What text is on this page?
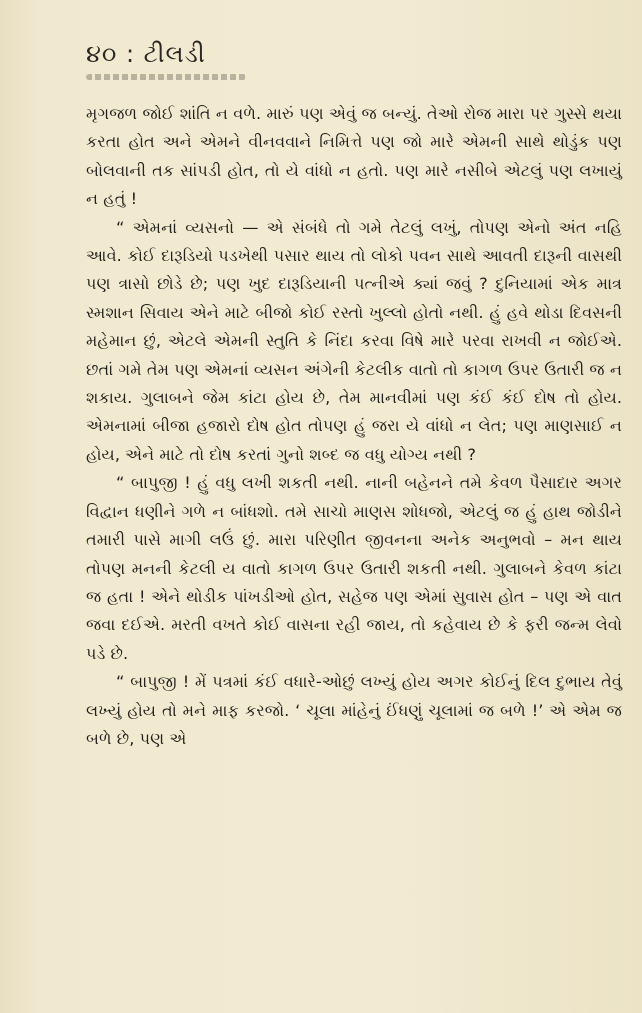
૪૦ : ટીલડી

મૃગજળ જોઈ શાંતિ ન વળે. મારું પણ એવું જ બન્યું. તેઓ રોજ મારા પર ગુસ્સે થયા કરતા હોત અને એમને વીનવવાને નિમિત્તે પણ જો મારે એમની સાથે થોડુંક પણ બોલવાની તક સાંપડી હોત, તો યે વાંધો ન હતો. પણ મારે નસીબે એટલું પણ લખાયું ન હતું !

“ એમનાં વ્યસનો — એ સંબંધે તો ગમે તેટલું લખું, તોપણ એનો અંત નહિ આવે. કોઈ દારૂડિયો પડખેથી પસાર થાય તો લોકો પવન સાથે આવતી દારૂની વાસથી પણ ત્રાસો છોડે છે; પણ ખુદ દારૂડિયાની પત્નીએ ક્યાં જવું ? દુનિયામાં એક માત્ર સ્મશાન સિવાય એને માટે બીજો કોઈ રસ્તો ખુલ્લો હોતો નથી. હું હવે થોડા દિવસની મહેમાન છું, એટલે એમની સ્તુતિ કે નિંદા કરવા વિષે મારે પરવા રાખવી ન જોઈએ. છતાં ગમે તેમ પણ એમનાં વ્યસન અંગેની કેટલીક વાતો તો કાગળ ઉપર ઉતારી જ ન શકાય. ગુલાબને જેમ કાંટા હોય છે, તેમ માનવીમાં પણ કંઈ કંઈ દોષ તો હોય. એમનામાં બીજા હજારો દોષ હોત તોપણ હું જરા યે વાંધો ન લેત; પણ માણસાઈ ન હોય, એને માટે તો દોષ કરતાં ગુનો શબ્દ જ વધુ યોગ્ય નથી ?

“ બાપુજી ! હું વધુ લખી શકતી નથી. નાની બહેનને તમે કેવળ પૈસાદાર અગર વિદ્વાન ધણીને ગળે ન બાંધશો. તમે સાચો માણસ શોધજો, એટલું જ હું હાથ જોડીને તમારી પાસે માગી લઉં છું. મારા પરિણીત જીવનના અનેક અનુભવો – મન થાય તોપણ મનની કેટલી ય વાતો કાગળ ઉપર ઉતારી શકતી નથી. ગુલાબને કેવળ કાંટા જ હતા ! એને થોડીક પાંખડીઓ હોત, સહેજ પણ એમાં સુવાસ હોત – પણ એ વાત જવા દઈએ. મરતી વખતે કોઈ વાસના રહી જાય, તો કહેવાય છે કે ફરી જન્મ લેવો પડે છે.

“ બાપુજી ! મેં પત્રમાં કંઈ વધારે-ઓછું લખ્યું હોય અગર કોઈનું દિલ દુભાય તેવું લખ્યું હોય તો મને માફ કરજો. ‘ ચૂલા માંહેનું ઈંધણું ચૂલામાં જ બળે !’ એ એમ જ બળે છે, પણ એ
